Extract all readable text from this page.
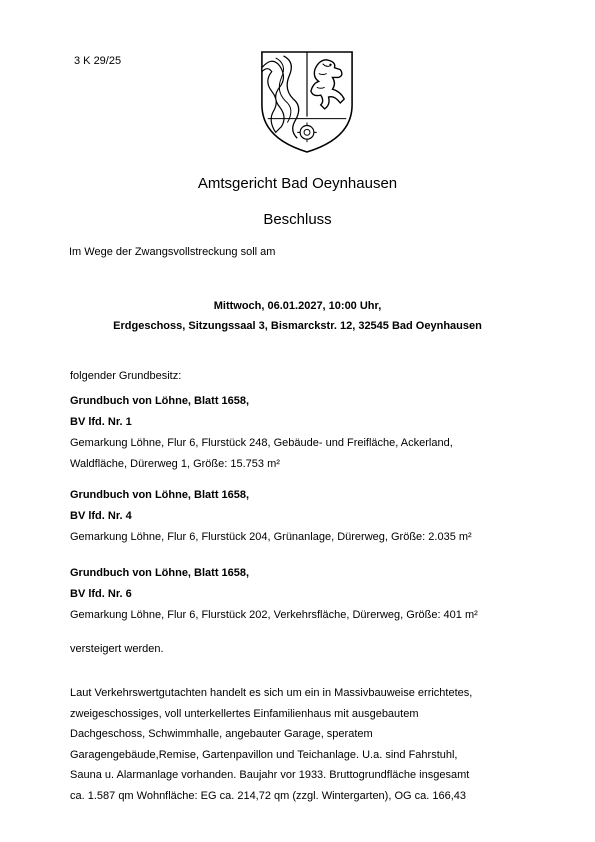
3 K 29/25
Amtsgericht Bad Oeynhausen
Beschluss
Im Wege der Zwangsvollstreckung soll am
Mittwoch, 06.01.2027, 10:00 Uhr,
Erdgeschoss, Sitzungssaal 3, Bismarckstr. 12, 32545 Bad Oeynhausen
folgender Grundbesitz:
Grundbuch von Löhne, Blatt 1658,
BV lfd. Nr. 1
Gemarkung Löhne, Flur 6, Flurstück 248, Gebäude- und Freifläche, Ackerland,
Waldfläche, Dürerweg 1, Größe: 15.753 m²
Grundbuch von Löhne, Blatt 1658,
BV lfd. Nr. 4
Gemarkung Löhne, Flur 6, Flurstück 204, Grünanlage, Dürerweg, Größe: 2.035 m²
Grundbuch von Löhne, Blatt 1658,
BV lfd. Nr. 6
Gemarkung Löhne, Flur 6, Flurstück 202, Verkehrsfläche, Dürerweg, Größe: 401 m²
versteigert werden.
Laut Verkehrswertgutachten handelt es sich um ein in Massivbauweise errichtetes,
zweigeschossiges, voll unterkellertes Einfamilienhaus mit ausgebautem
Dachgeschoss, Schwimmhalle, angebauter Garage, speratem
Garagengebäude,Remise, Gartenpavillon und Teichanlage. U.a. sind Fahrstuhl,
Sauna u. Alarmanlage vorhanden. Baujahr vor 1933. Bruttogrundfläche insgesamt
ca. 1.587 qm Wohnfläche: EG ca. 214,72 qm (zzgl. Wintergarten), OG ca. 166,43
